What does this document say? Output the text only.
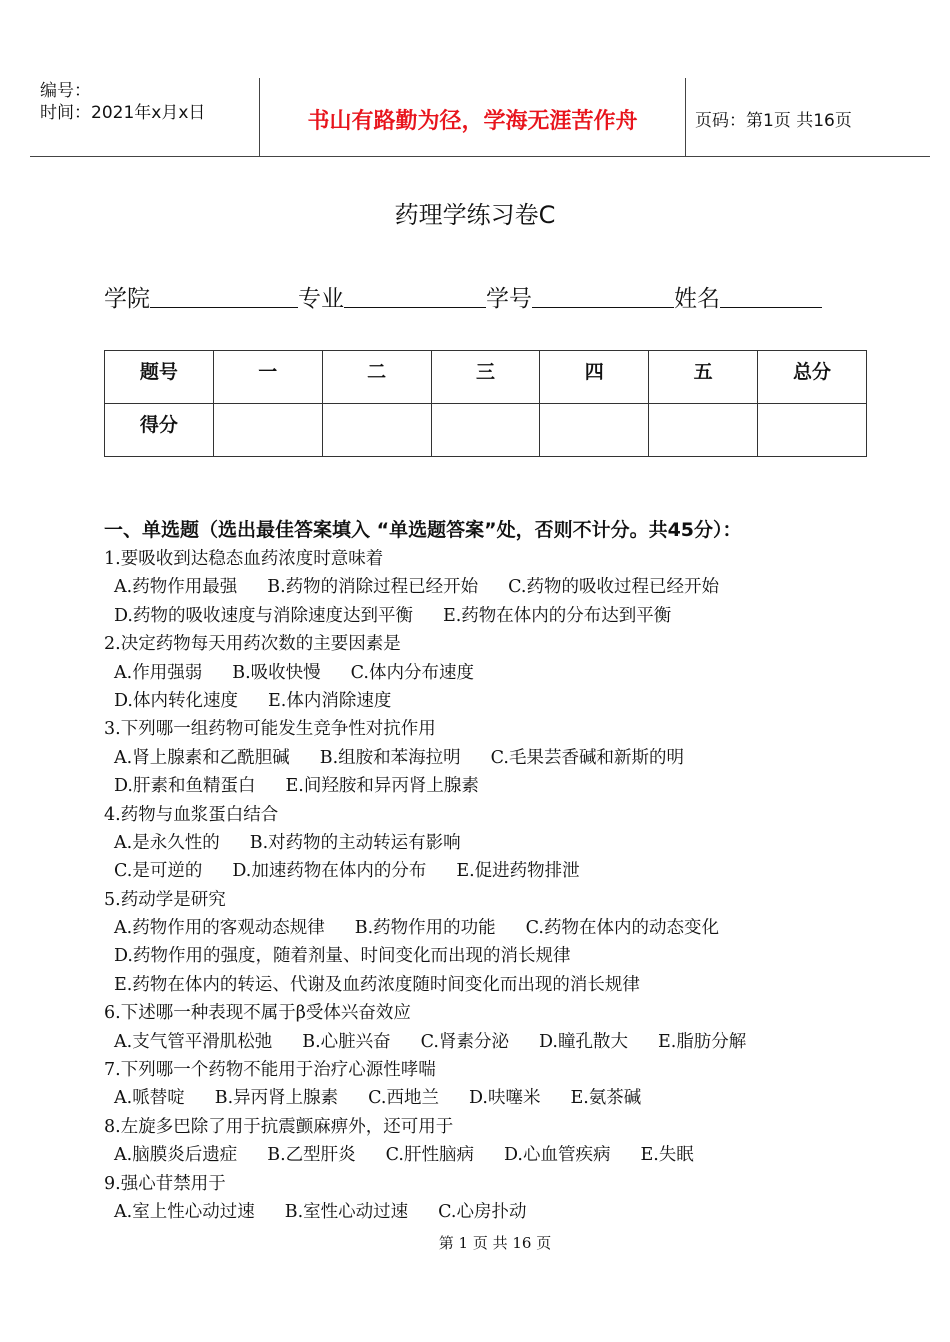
编号：
时间：2021年x月x日	书山有路勤为径，学海无涯苦作舟	页码：第1页 共16页
药理学练习卷C
学院	专业	学号	姓名
题号	一	二	三	四	五	总分
得分						
一、单选题（选出最佳答案填入 “单选题答案”处，否则不计分。共45分）：
1.要吸收到达稳态血药浓度时意味着
A.药物作用最强 B.药物的消除过程已经开始 C.药物的吸收过程已经开始
D.药物的吸收速度与消除速度达到平衡 E.药物在体内的分布达到平衡
2.决定药物每天用药次数的主要因素是
A.作用强弱 B.吸收快慢 C.体内分布速度
D.体内转化速度 E.体内消除速度
3.下列哪一组药物可能发生竞争性对抗作用
A.肾上腺素和乙酰胆碱 B.组胺和苯海拉明 C.毛果芸香碱和新斯的明
D.肝素和鱼精蛋白 E.间羟胺和异丙肾上腺素
4.药物与血浆蛋白结合
A.是永久性的 B.对药物的主动转运有影响
C.是可逆的 D.加速药物在体内的分布 E.促进药物排泄
5.药动学是研究
A.药物作用的客观动态规律 B.药物作用的功能 C.药物在体内的动态变化
D.药物作用的强度，随着剂量、时间变化而出现的消长规律
E.药物在体内的转运、代谢及血药浓度随时间变化而出现的消长规律
6.下述哪一种表现不属于β受体兴奋效应
A.支气管平滑肌松弛 B.心脏兴奋 C.肾素分泌 D.瞳孔散大 E.脂肪分解
7.下列哪一个药物不能用于治疗心源性哮喘
A.哌替啶 B.异丙肾上腺素 C.西地兰 D.呋噻米 E.氨茶碱
8.左旋多巴除了用于抗震颤麻痹外，还可用于
A.脑膜炎后遗症 B.乙型肝炎 C.肝性脑病 D.心血管疾病 E.失眠
9.强心苷禁用于
A.室上性心动过速 B.室性心动过速 C.心房扑动
第 1 页 共 16 页
